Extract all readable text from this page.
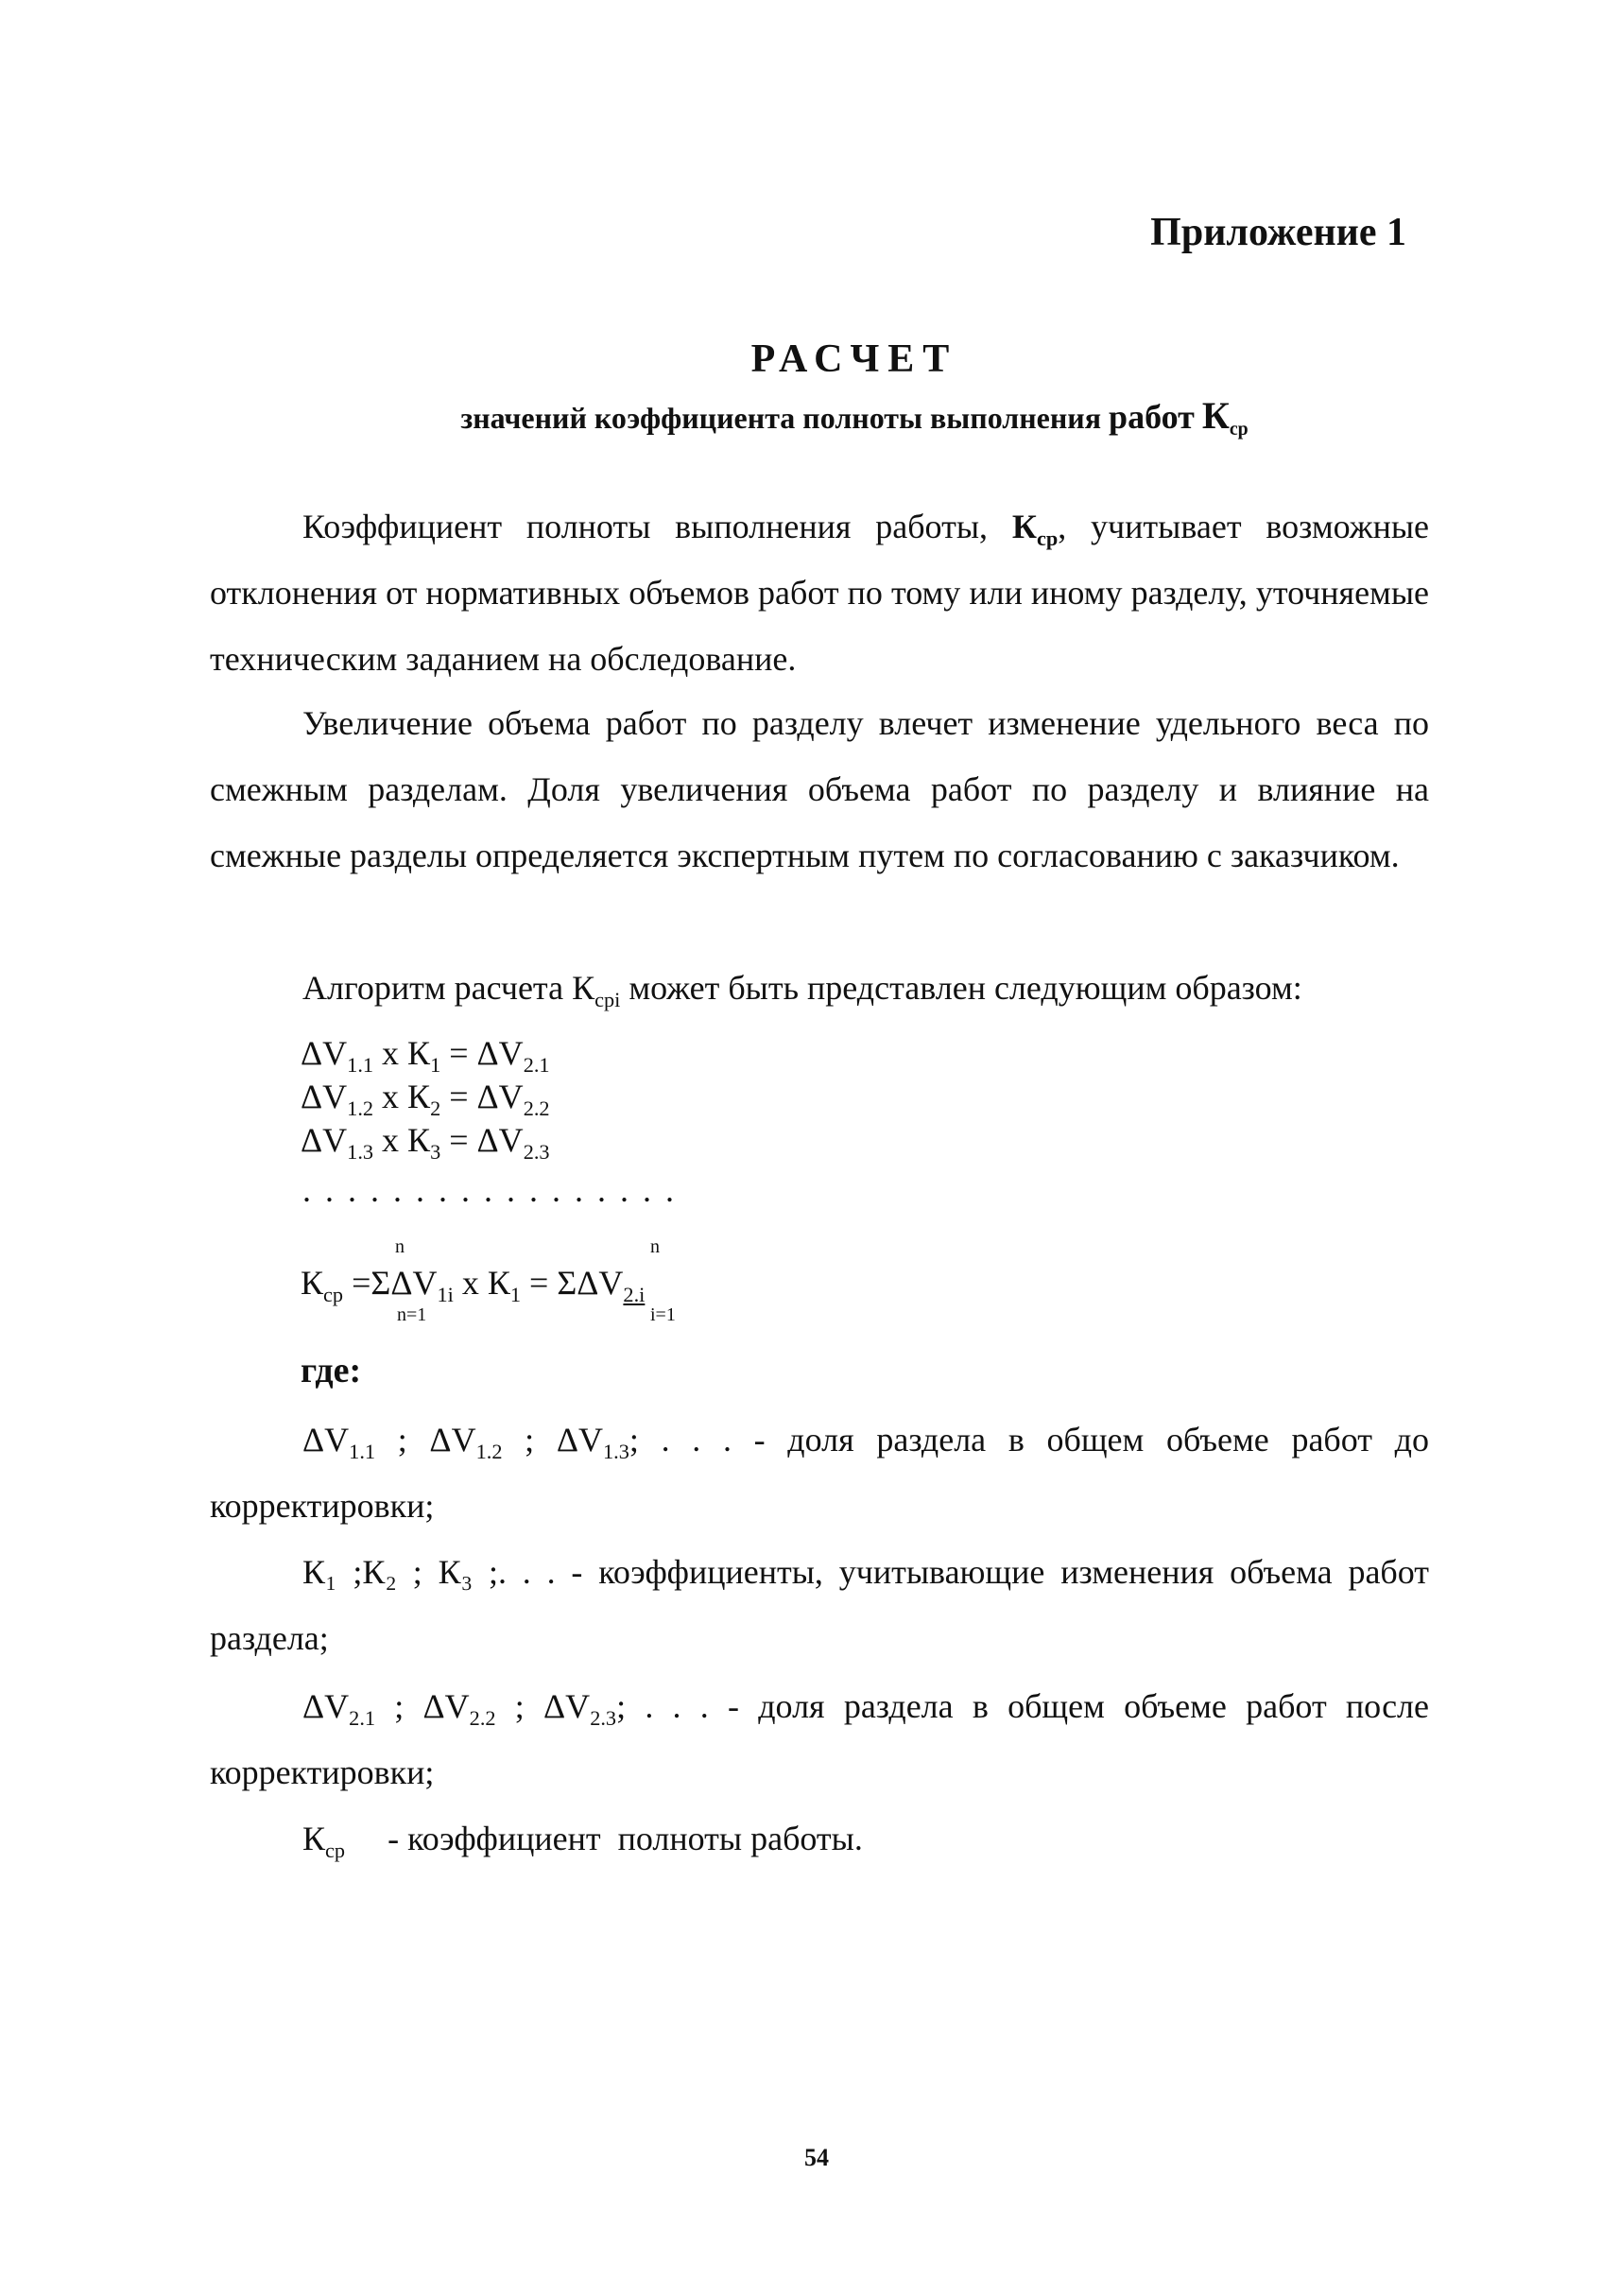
Приложение 1
РАСЧЕТ
значений коэффициента полноты выполнения работ $К_{ср}$

Коэффициент полноты выполнения работы, $К_{ср}$, учитывает возможные отклонения от нормативных объемов работ по тому или иному разделу, уточняемые техническим заданием на обследование.

Увеличение объема работ по разделу влечет изменение удельного веса по смежным разделам. Доля увеличения объема работ по разделу и влияние на смежные разделы определяется экспертным путем по согласованию с заказчиком.

Алгоритм расчета $К_{срi}$ может быть представлен следующим образом:

$\Delta V_{1.1}$ x $К_1 = \Delta V_{2.1}$
$\Delta V_{1.2}$ x $К_2 = \Delta V_{2.2}$
$\Delta V_{1.3}$ x $К_3 = \Delta V_{2.3}$
. . . . . . . . . . . . . . . . .
n	n
$К_{ср} =\Sigma\Delta V_{1i}$ x $К_1 = \Sigma\Delta V_{2.i}$
n=1	i=1
где:

$\Delta V_{1.1}$ ; $\Delta V_{1.2}$ ; $\Delta V_{1.3}$; . . . - доля раздела в общем объеме работ до корректировки;

К₁ ;К₂ ; К₃ ;. . . - коэффициенты, учитывающие изменения объема работ раздела;

$\Delta V_{2.1}$ ; $\Delta V_{2.2}$ ; $\Delta V_{2.3}$; . . . - доля раздела в общем объеме работ после корректировки;

$К_{ср}$     - коэффициент  полноты работы.

54
